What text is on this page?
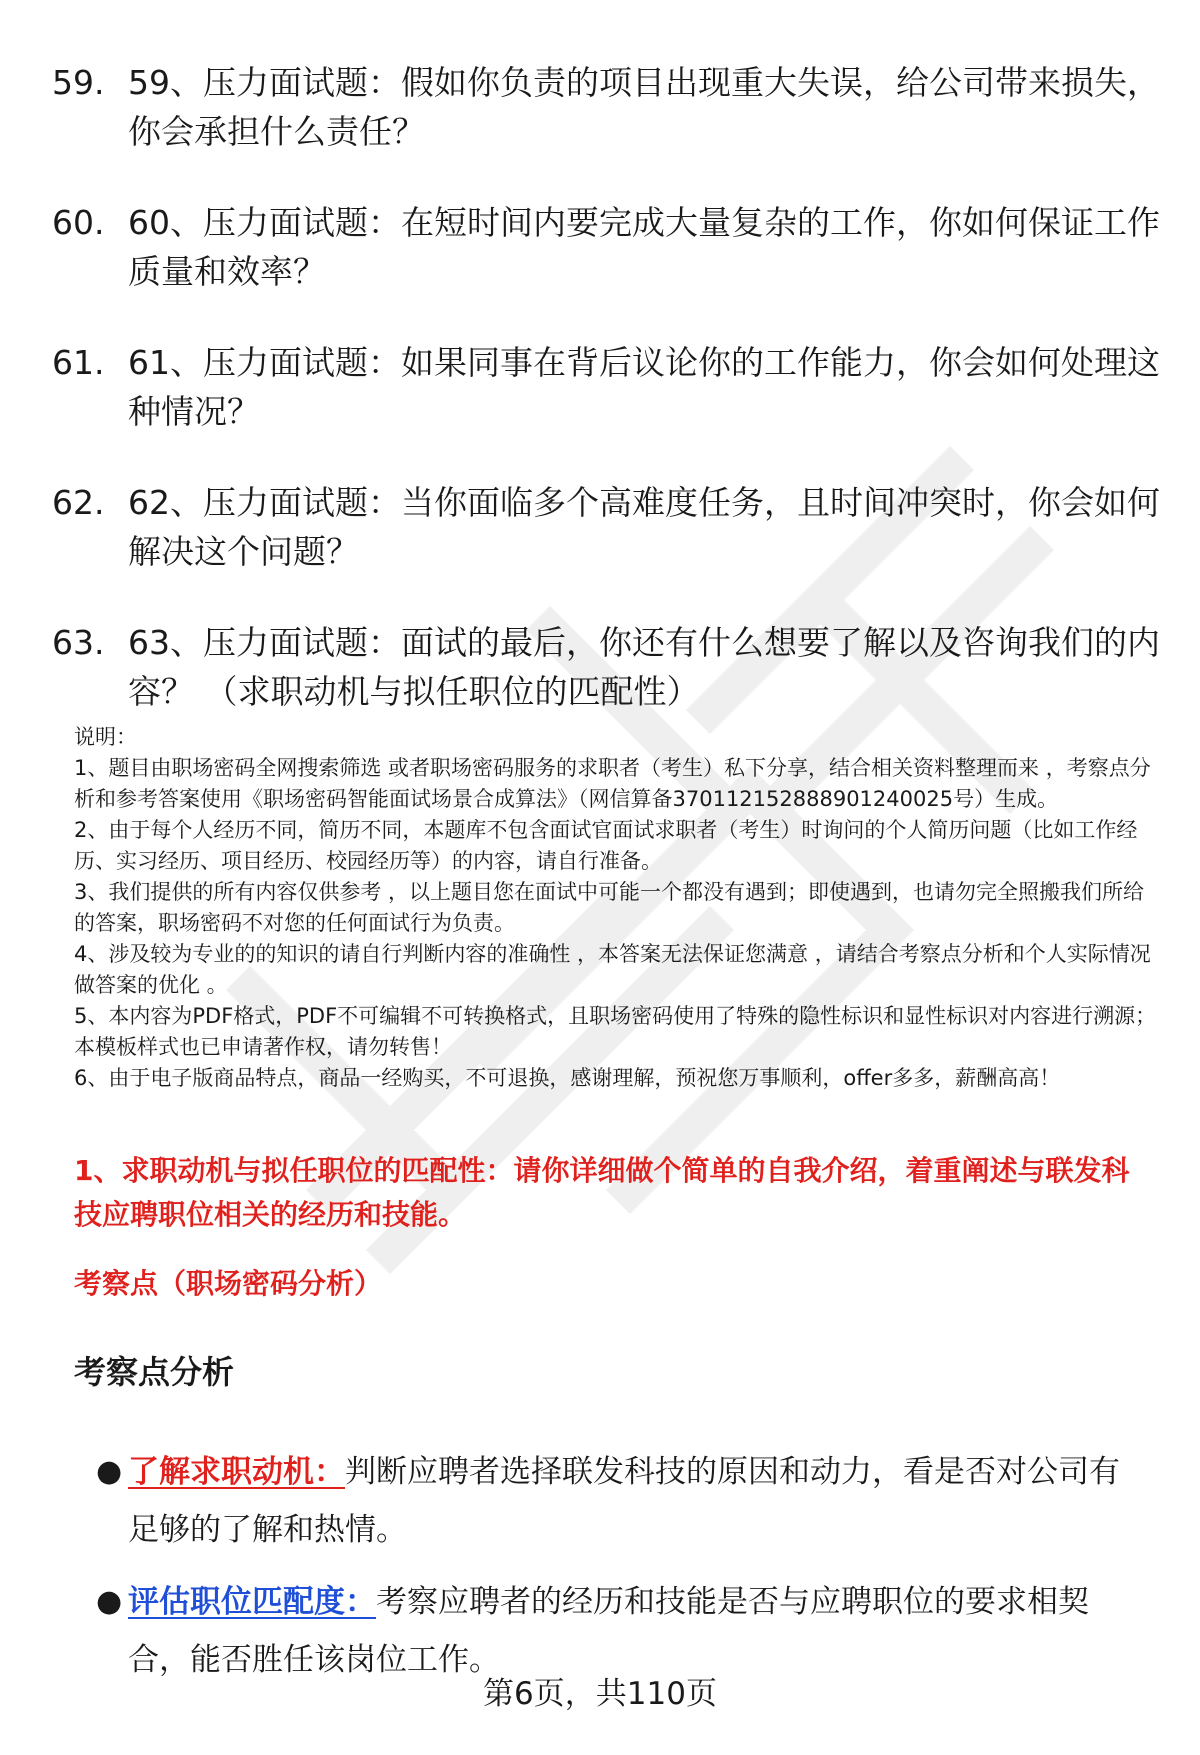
59. 59、压力面试题：假如你负责的项目出现重大失误，给公司带来损失，你会承担什么责任？
60. 60、压力面试题：在短时间内要完成大量复杂的工作，你如何保证工作质量和效率？
61. 61、压力面试题：如果同事在背后议论你的工作能力，你会如何处理这种情况？
62. 62、压力面试题：当你面临多个高难度任务，且时间冲突时，你会如何解决这个问题？
63. 63、压力面试题：面试的最后，你还有什么想要了解以及咨询我们的内容？ （求职动机与拟任职位的匹配性）

说明：

1、题目由职场密码全网搜索筛选 或者职场密码服务的求职者（考生）私下分享，结合相关资料整理而来 ，考察点分析和参考答案使用《职场密码智能面试场景合成算法》（网信算备370112152888901240025号）生成。

2、由于每个人经历不同，简历不同，本题库不包含面试官面试求职者（考生）时询问的个人简历问题（比如工作经历、实习经历、项目经历、校园经历等）的内容，请自行准备。

3、我们提供的所有内容仅供参考 ，以上题目您在面试中可能一个都没有遇到；即使遇到，也请勿完全照搬我们所给的答案，职场密码不对您的任何面试行为负责。

4、涉及较为专业的的知识的请自行判断内容的准确性 ，本答案无法保证您满意 ，请结合考察点分析和个人实际情况做答案的优化 。

5、本内容为PDF格式，PDF不可编辑不可转换格式，且职场密码使用了特殊的隐性标识和显性标识对内容进行溯源；本模板样式也已申请著作权，请勿转售！

6、由于电子版商品特点，商品一经购买，不可退换，感谢理解，预祝您万事顺利，offer多多，薪酬高高！

1、求职动机与拟任职位的匹配性：请你详细做个简单的自我介绍，着重阐述与联发科技应聘职位相关的经历和技能。

考察点（职场密码分析）

考察点分析
● 了解求职动机：判断应聘者选择联发科技的原因和动力，看是否对公司有足够的了解和热情。
● 评估职位匹配度：考察应聘者的经历和技能是否与应聘职位的要求相契合，能否胜任该岗位工作。

第6页，共110页
